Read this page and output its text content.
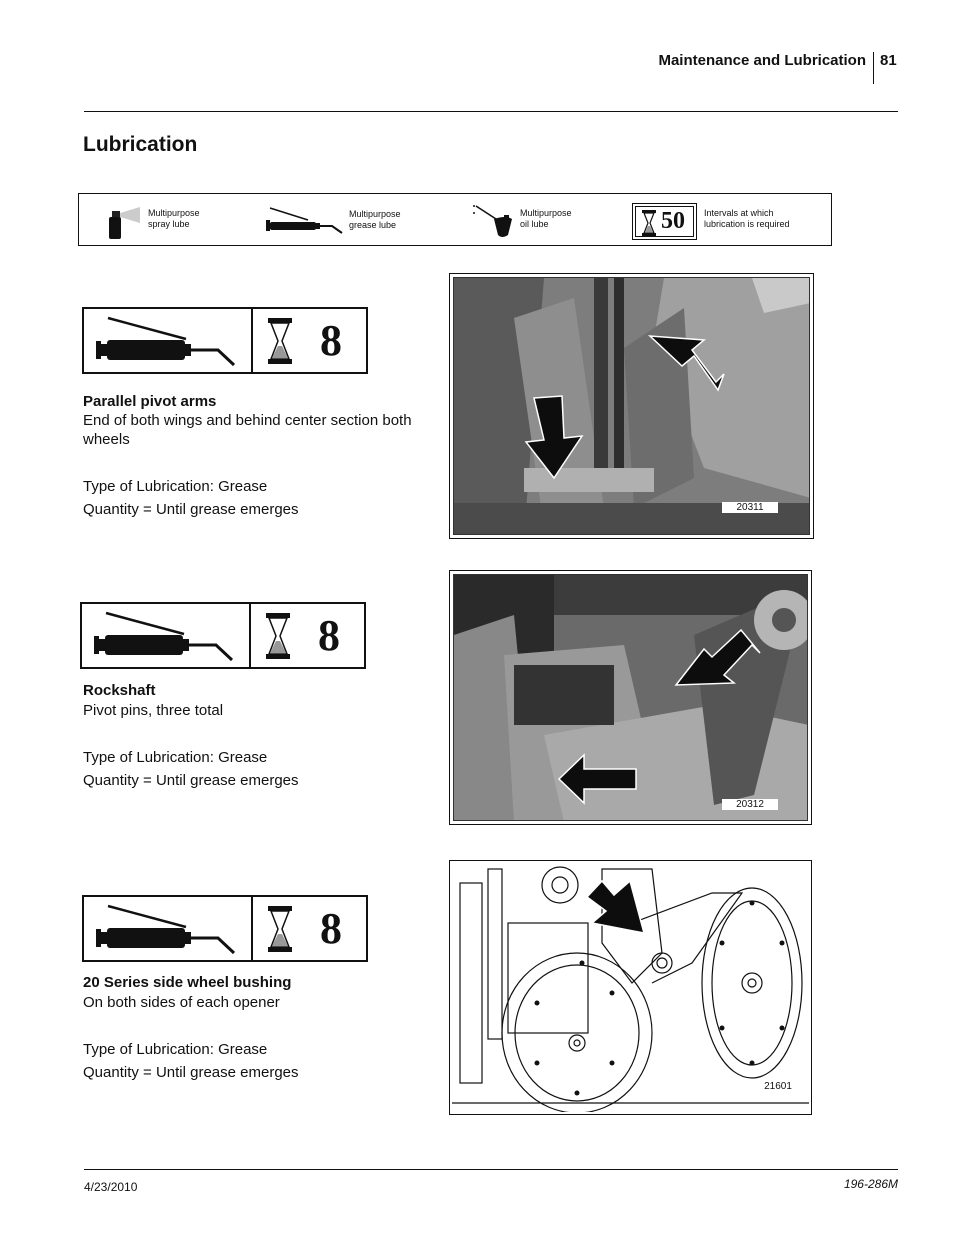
Maintenance and Lubrication 81
Lubrication
Multipurpose
spray lube
Multipurpose
grease lube
Multipurpose
oil lube	50 Intervals at which
lubrication is required
8
Parallel pivot arms
End of both wings and behind center section both wheels
Type of Lubrication: Grease
Quantity = Until grease emerges	20311
8
Rockshaft
Pivot pins, three total
Type of Lubrication: Grease
Quantity = Until grease emerges
20312
8
20 Series side wheel bushing
On both sides of each opener
Type of Lubrication: Grease
Quantity = Until grease emerges
21601
4/23/2010	196-286M
